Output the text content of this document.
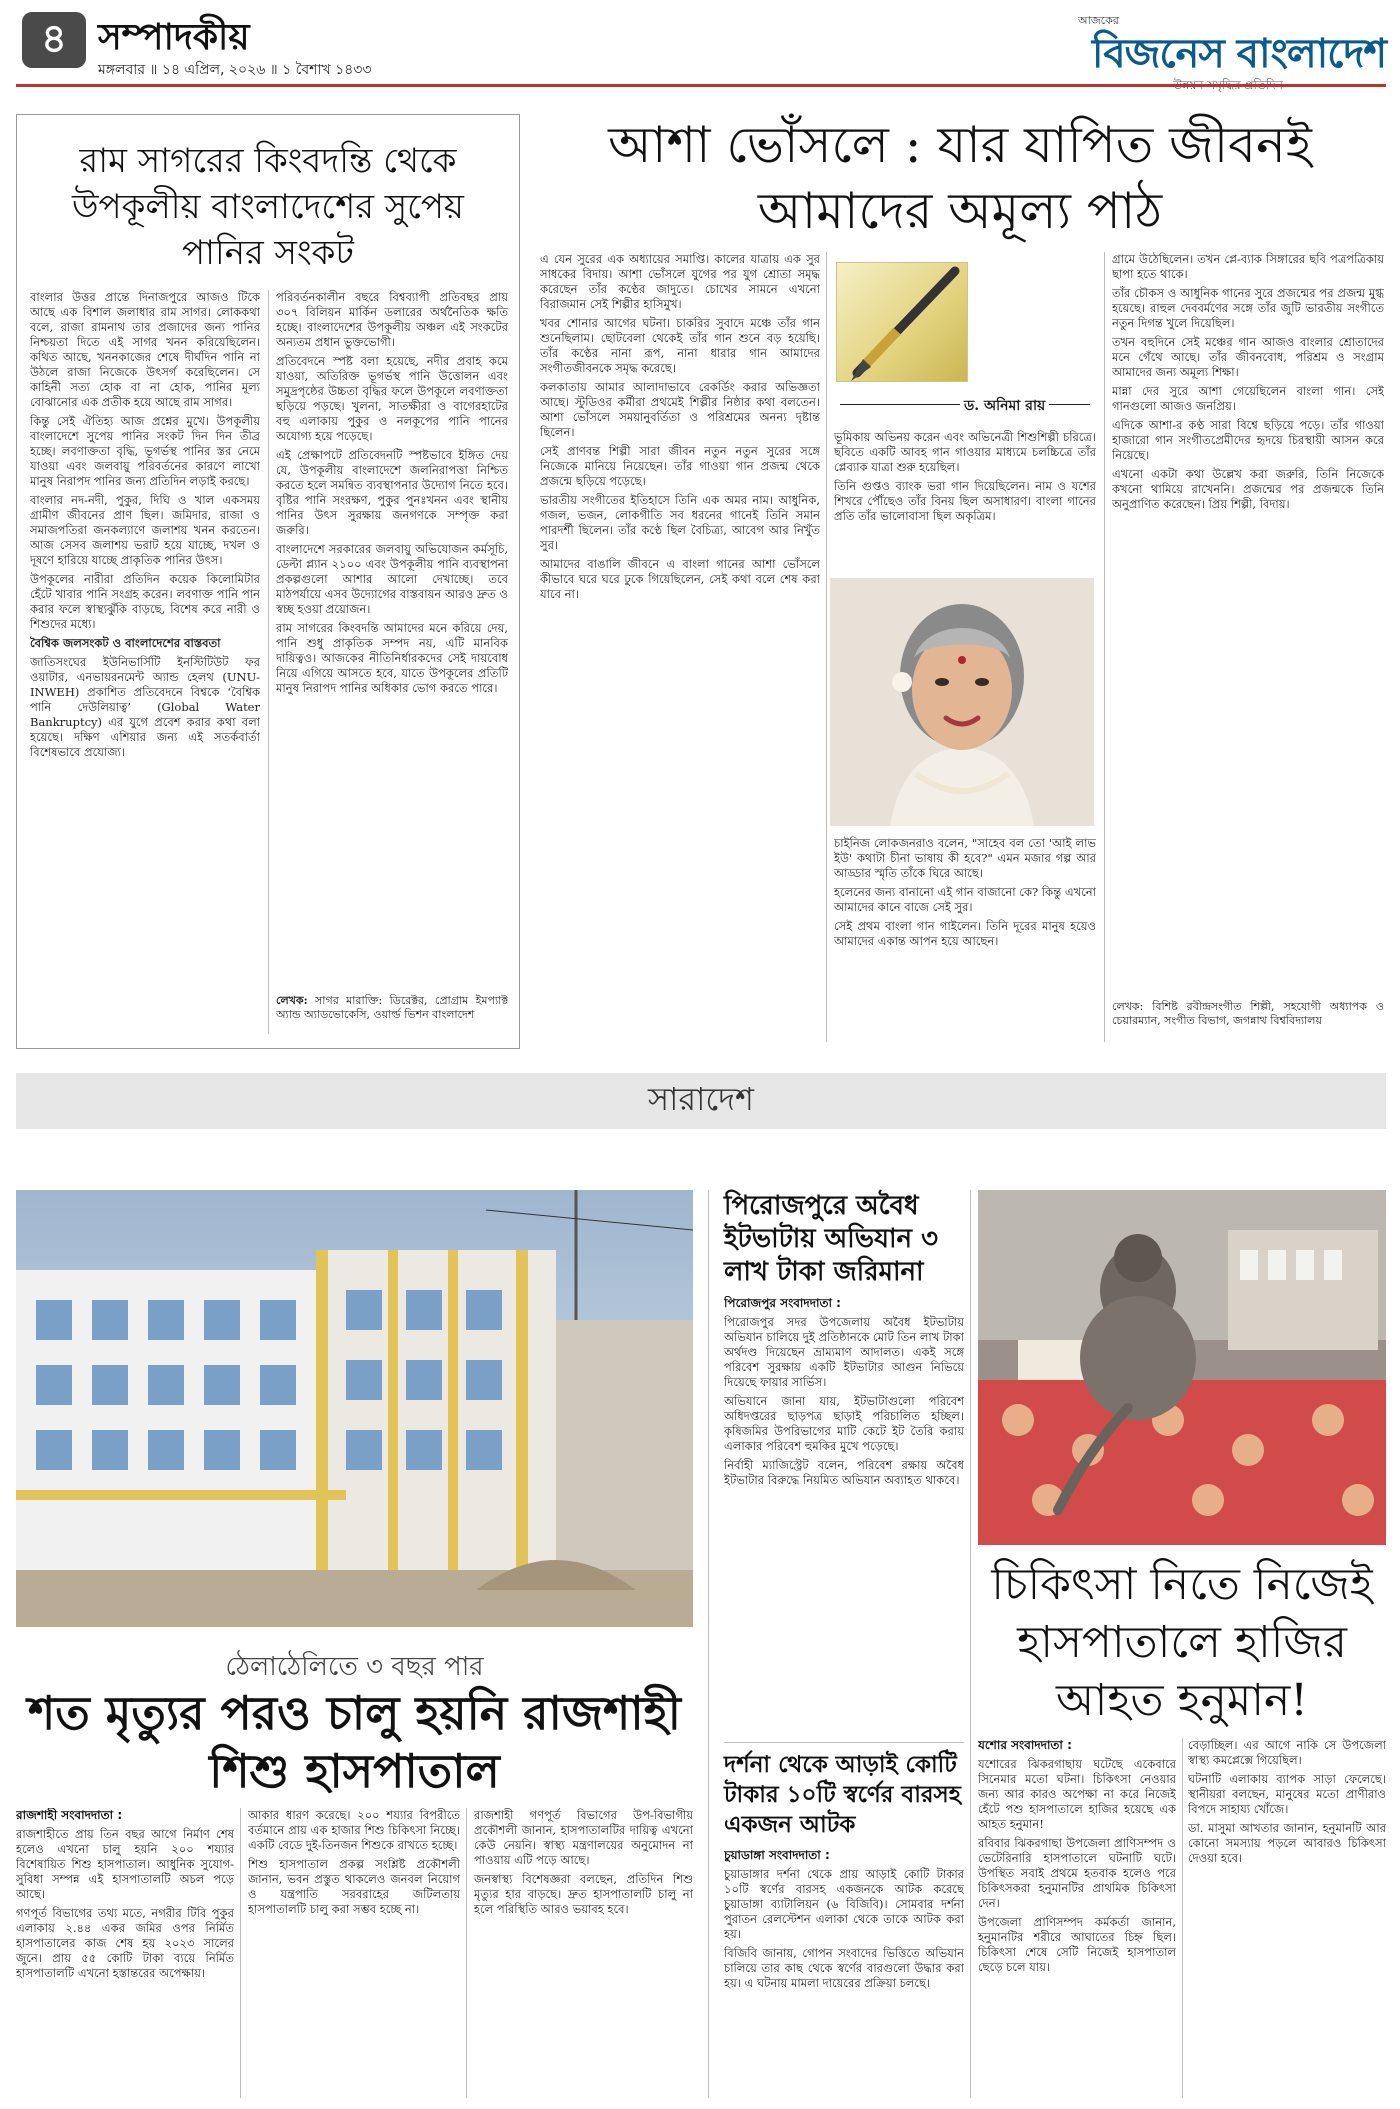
৪ সম্পাদকীয়
মঙ্গলবার ॥ ১৪ এপ্রিল, ২০২৬ ॥ ১ বৈশাখ ১৪৩৩
আজকের
বিজনেস বাংলাদেশ
রাম সাগরের কিংবদন্তি থেকে উপকূলীয় বাংলাদেশের সুপেয় পানির সংকট

বাংলার উত্তর প্রান্তে দিনাজপুরে আজও টিকে আছে এক বিশাল জলাধার রাম সাগর। লোককথা বলে, রাজা রামনাথ তার প্রজাদের জন্য পানির নিশ্চয়তা দিতে এই সাগর খনন করিয়েছিলেন। কথিত আছে, খননকাজের শেষে দীর্ঘদিন পানি না উঠলে রাজা নিজেকে উৎসর্গ করেছিলেন। সে কাহিনী সত্য হোক বা না হোক, পানির মূল্য বোঝানোর এক প্রতীক হয়ে আছে রাম সাগর।

কিন্তু সেই ঐতিহ্য আজ প্রশ্নের মুখে। উপকূলীয় বাংলাদেশে সুপেয় পানির সংকট দিন দিন তীব্র হচ্ছে। লবণাক্ততা বৃদ্ধি, ভূগর্ভস্থ পানির স্তর নেমে যাওয়া এবং জলবায়ু পরিবর্তনের কারণে লাখো মানুষ নিরাপদ পানির জন্য প্রতিদিন লড়াই করছে।

বাংলার নদ-নদী, পুকুর, দিঘি ও খাল একসময় গ্রামীণ জীবনের প্রাণ ছিল। জমিদার, রাজা ও সমাজপতিরা জনকল্যাণে জলাশয় খনন করতেন। আজ সেসব জলাশয় ভরাট হয়ে যাচ্ছে, দখল ও দূষণে হারিয়ে যাচ্ছে প্রাকৃতিক পানির উৎস।

উপকূলের নারীরা প্রতিদিন কয়েক কিলোমিটার হেঁটে খাবার পানি সংগ্রহ করেন। লবণাক্ত পানি পান করার ফলে স্বাস্থ্যঝুঁকি বাড়ছে, বিশেষ করে নারী ও শিশুদের মধ্যে।

বৈশ্বিক জলসংকট ও বাংলাদেশের বাস্তবতা

জাতিসংঘের ইউনিভার্সিটি ইনস্টিটিউট ফর ওয়াটার, এনভায়রনমেন্ট অ্যান্ড হেলথ (UNU-INWEH) প্রকাশিত প্রতিবেদনে বিশ্বকে ‘বৈশ্বিক পানি দেউলিয়াত্ব’ (Global Water Bankruptcy) এর যুগে প্রবেশ করার কথা বলা হয়েছে। দক্ষিণ এশিয়ার জন্য এই সতর্কবার্তা বিশেষভাবে প্রযোজ্য।

পরিবর্তনকালীন বছরে বিশ্বব্যাপী প্রতিবছর প্রায় ৩০৭ বিলিয়ন মার্কিন ডলারের অর্থনৈতিক ক্ষতি হচ্ছে। বাংলাদেশের উপকূলীয় অঞ্চল এই সংকটের অন্যতম প্রধান ভুক্তভোগী।

প্রতিবেদনে স্পষ্ট বলা হয়েছে, নদীর প্রবাহ কমে যাওয়া, অতিরিক্ত ভূগর্ভস্থ পানি উত্তোলন এবং সমুদ্রপৃষ্ঠের উচ্চতা বৃদ্ধির ফলে উপকূলে লবণাক্ততা ছড়িয়ে পড়ছে। খুলনা, সাতক্ষীরা ও বাগেরহাটের বহু এলাকায় পুকুর ও নলকূপের পানি পানের অযোগ্য হয়ে পড়েছে।

এই প্রেক্ষাপটে প্রতিবেদনটি স্পষ্টভাবে ইঙ্গিত দেয় যে, উপকূলীয় বাংলাদেশে জলনিরাপত্তা নিশ্চিত করতে হলে সমন্বিত ব্যবস্থাপনার উদ্যোগ নিতে হবে। বৃষ্টির পানি সংরক্ষণ, পুকুর পুনঃখনন এবং স্থানীয় পানির উৎস সুরক্ষায় জনগণকে সম্পৃক্ত করা জরুরি।

বাংলাদেশে সরকারের জলবায়ু অভিযোজন কর্মসূচি, ডেল্টা প্ল্যান ২১০০ এবং উপকূলীয় পানি ব্যবস্থাপনা প্রকল্পগুলো আশার আলো দেখাচ্ছে। তবে মাঠপর্যায়ে এসব উদ্যোগের বাস্তবায়ন আরও দ্রুত ও স্বচ্ছ হওয়া প্রয়োজন।

রাম সাগরের কিংবদন্তি আমাদের মনে করিয়ে দেয়, পানি শুধু প্রাকৃতিক সম্পদ নয়, এটি মানবিক দায়িত্বও। আজকের নীতিনির্ধারকদের সেই দায়বোধ নিয়ে এগিয়ে আসতে হবে, যাতে উপকূলের প্রতিটি মানুষ নিরাপদ পানির অধিকার ভোগ করতে পারে।

লেখক: সাগর মারাক্তি: ডিরেক্টর, প্রোগ্রাম ইমপ্যাক্ট অ্যান্ড অ্যাডভোকেসি, ওয়ার্ল্ড ভিশন বাংলাদেশ
আশা ভোঁসলে : যার যাপিত জীবনই আমাদের অমূল্য পাঠ

এ যেন সুরের এক অধ্যায়ের সমাপ্তি। কালের যাত্রায় এক সুর সাধকের বিদায়। আশা ভোঁসলে যুগের পর যুগ শ্রোতা সমৃদ্ধ করেছেন তাঁর কণ্ঠের জাদুতে। চোখের সামনে এখনো বিরাজমান সেই শিল্পীর হাসিমুখ।

খবর শোনার আগের ঘটনা। চাকরির সুবাদে মঞ্চে তাঁর গান শুনেছিলাম। ছোটবেলা থেকেই তাঁর গান শুনে বড় হয়েছি। তাঁর কণ্ঠের নানা রূপ, নানা ধারার গান আমাদের সংগীতজীবনকে সমৃদ্ধ করেছে।

কলকাতায় আমার আলাদাভাবে রেকর্ডিং করার অভিজ্ঞতা আছে। স্টুডিওর কর্মীরা প্রথমেই শিল্পীর নিষ্ঠার কথা বলতেন। আশা ভোঁসলে সময়ানুবর্তিতা ও পরিশ্রমের অনন্য দৃষ্টান্ত ছিলেন।

সেই প্রাণবন্ত শিল্পী সারা জীবন নতুন নতুন সুরের সঙ্গে নিজেকে মানিয়ে নিয়েছেন। তাঁর গাওয়া গান প্রজন্ম থেকে প্রজন্মে ছড়িয়ে পড়েছে।

ভারতীয় সংগীতের ইতিহাসে তিনি এক অমর নাম। আধুনিক, গজল, ভজন, লোকগীতি সব ধরনের গানেই তিনি সমান পারদর্শী ছিলেন। তাঁর কণ্ঠে ছিল বৈচিত্র্য, আবেগ আর নিখুঁত সুর।

আমাদের বাঙালি জীবনে এ বাংলা গানের আশা ভোঁসলে কীভাবে ঘরে ঘরে ঢুকে গিয়েছিলেন, সেই কথা বলে শেষ করা যাবে না।

ড. অনিমা রায়

ভূমিকায় অভিনয় করেন এবং অভিনেত্রী শিশুশিল্পী চরিত্রে। ছবিতে একটি আবহ গান গাওয়ার মাধ্যমে চলচ্চিত্রে তাঁর প্লেব্যাক যাত্রা শুরু হয়েছিল।

তিনি গুপ্তও ব্যাংক ভরা গান দিয়েছিলেন। নাম ও যশের শিখরে পৌঁছেও তাঁর বিনয় ছিল অসাধারণ। বাংলা গানের প্রতি তাঁর ভালোবাসা ছিল অকৃত্রিম।

চাইনিজ লোকজনরাও বলেন, "সাহেব বল তো 'আই লাভ ইউ' কথাটা চীনা ভাষায় কী হবে?" এমন মজার গল্প আর আড্ডার স্মৃতি তাঁকে ঘিরে আছে।

হলেনের জন্য বানানো এই গান বাজানো কে? কিন্তু এখনো আমাদের কানে বাজে সেই সুর।

সেই প্রথম বাংলা গান গাইলেন। তিনি দূরের মানুষ হয়েও আমাদের একান্ত আপন হয়ে আছেন।

গ্রামে উঠেছিলেন। তখন প্লে-ব্যাক সিঙ্গারের ছবি পত্রপত্রিকায় ছাপা হতে থাকে।

তাঁর চৌকস ও আধুনিক গানের সুরে প্রজন্মের পর প্রজন্ম মুগ্ধ হয়েছে। রাহুল দেববর্মণের সঙ্গে তাঁর জুটি ভারতীয় সংগীতে নতুন দিগন্ত খুলে দিয়েছিল।

তখন বহুদিনে সেই মঞ্চের গান আজও বাংলার শ্রোতাদের মনে গেঁথে আছে। তাঁর জীবনবোধ, পরিশ্রম ও সংগ্রাম আমাদের জন্য অমূল্য শিক্ষা।

মান্না দের সুরে আশা গেয়েছিলেন বাংলা গান। সেই গানগুলো আজও জনপ্রিয়।

এদিকে আশা-র কণ্ঠ সারা বিশ্বে ছড়িয়ে পড়ে। তাঁর গাওয়া হাজারো গান সংগীতপ্রেমীদের হৃদয়ে চিরস্থায়ী আসন করে নিয়েছে।

এখনো একটা কথা উল্লেখ করা জরুরি, তিনি নিজেকে কখনো থামিয়ে রাখেননি। প্রজন্মের পর প্রজন্মকে তিনি অনুপ্রাণিত করেছেন। প্রিয় শিল্পী, বিদায়।

লেখক: বিশিষ্ট রবীন্দ্রসংগীত শিল্পী, সহযোগী অধ্যাপক ও চেয়ারম্যান, সংগীত বিভাগ, জগন্নাথ বিশ্ববিদ্যালয়
সারাদেশ
ঠেলাঠেলিতে ৩ বছর পার
শত মৃত্যুর পরও চালু হয়নি রাজশাহী শিশু হাসপাতাল

রাজশাহী সংবাদদাতা :

রাজশাহীতে প্রায় তিন বছর আগে নির্মাণ শেষ হলেও এখনো চালু হয়নি ২০০ শয্যার বিশেষায়িত শিশু হাসপাতাল। আধুনিক সুযোগ-সুবিধা সম্পন্ন এই হাসপাতালটি অচল পড়ে আছে।

গণপূর্ত বিভাগের তথ্য মতে, নগরীর টিবি পুকুর এলাকায় ২.৪৪ একর জমির ওপর নির্মিত হাসপাতালের কাজ শেষ হয় ২০২৩ সালের জুনে। প্রায় ৫৫ কোটি টাকা ব্যয়ে নির্মিত হাসপাতালটি এখনো হস্তান্তরের অপেক্ষায়।

আকার ধারণ করেছে। ২০০ শয্যার বিপরীতে বর্তমানে প্রায় এক হাজার শিশু চিকিৎসা নিচ্ছে। একটি বেডে দুই-তিনজন শিশুকে রাখতে হচ্ছে।

শিশু হাসপাতাল প্রকল্প সংশ্লিষ্ট প্রকৌশলী জানান, ভবন প্রস্তুত থাকলেও জনবল নিয়োগ ও যন্ত্রপাতি সরবরাহের জটিলতায় হাসপাতালটি চালু করা সম্ভব হচ্ছে না।

রাজশাহী গণপূর্ত বিভাগের উপ-বিভাগীয় প্রকৌশলী জানান, হাসপাতালটির দায়িত্ব এখনো কেউ নেয়নি। স্বাস্থ্য মন্ত্রণালয়ের অনুমোদন না পাওয়ায় এটি পড়ে আছে।

জনস্বাস্থ্য বিশেষজ্ঞরা বলছেন, প্রতিদিন শিশু মৃত্যুর হার বাড়ছে। দ্রুত হাসপাতালটি চালু না হলে পরিস্থিতি আরও ভয়াবহ হবে।

পিরোজপুরে অবৈধ ইটভাটায় অভিযান ৩ লাখ টাকা জরিমানা

পিরোজপুর সংবাদদাতা :

পিরোজপুর সদর উপজেলায় অবৈধ ইটভাটায় অভিযান চালিয়ে দুই প্রতিষ্ঠানকে মোট তিন লাখ টাকা অর্থদণ্ড দিয়েছেন ভ্রাম্যমাণ আদালত। একই সঙ্গে পরিবেশ সুরক্ষায় একটি ইটভাটার আগুন নিভিয়ে দিয়েছে ফায়ার সার্ভিস।

অভিযানে জানা যায়, ইটভাটাগুলো পরিবেশ অধিদপ্তরের ছাড়পত্র ছাড়াই পরিচালিত হচ্ছিল। কৃষিজমির উপরিভাগের মাটি কেটে ইট তৈরি করায় এলাকার পরিবেশ হুমকির মুখে পড়েছে।

নির্বাহী ম্যাজিস্ট্রেট বলেন, পরিবেশ রক্ষায় অবৈধ ইটভাটার বিরুদ্ধে নিয়মিত অভিযান অব্যাহত থাকবে।

দর্শনা থেকে আড়াই কোটি টাকার ১০টি স্বর্ণের বারসহ একজন আটক

চুয়াডাঙ্গা সংবাদদাতা :

চুয়াডাঙ্গার দর্শনা থেকে প্রায় আড়াই কোটি টাকার ১০টি স্বর্ণের বারসহ একজনকে আটক করেছে চুয়াডাঙ্গা ব্যাটালিয়ন (৬ বিজিবি)। সোমবার দর্শনা পুরাতন রেলস্টেশন এলাকা থেকে তাকে আটক করা হয়।

বিজিবি জানায়, গোপন সংবাদের ভিত্তিতে অভিযান চালিয়ে তার কাছ থেকে স্বর্ণের বারগুলো উদ্ধার করা হয়। এ ঘটনায় মামলা দায়েরের প্রক্রিয়া চলছে।

চিকিৎসা নিতে নিজেই হাসপাতালে হাজির আহত হনুমান!

যশোর সংবাদদাতা :

যশোরের ঝিকরগাছায় ঘটেছে একেবারে সিনেমার মতো ঘটনা। চিকিৎসা নেওয়ার জন্য আর কারও অপেক্ষা না করে নিজেই হেঁটে পশু হাসপাতালে হাজির হয়েছে এক আহত হনুমান!

রবিবার ঝিকরগাছা উপজেলা প্রাণিসম্পদ ও ভেটেরিনারি হাসপাতালে ঘটনাটি ঘটে। উপস্থিত সবাই প্রথমে হতবাক হলেও পরে চিকিৎসকরা হনুমানটির প্রাথমিক চিকিৎসা দেন।

উপজেলা প্রাণিসম্পদ কর্মকর্তা জানান, হনুমানটির শরীরে আঘাতের চিহ্ন ছিল। চিকিৎসা শেষে সেটি নিজেই হাসপাতাল ছেড়ে চলে যায়।

বেড়াচ্ছিল। এর আগে নাকি সে উপজেলা স্বাস্থ্য কমপ্লেক্সে গিয়েছিল।

ঘটনাটি এলাকায় ব্যাপক সাড়া ফেলেছে। স্থানীয়রা বলছেন, মানুষের মতো প্রাণীরাও বিপদে সাহায্য খোঁজে।

ডা. মাসুমা আখতার জানান, হনুমানটি আর কোনো সমস্যায় পড়লে আবারও চিকিৎসা দেওয়া হবে।
